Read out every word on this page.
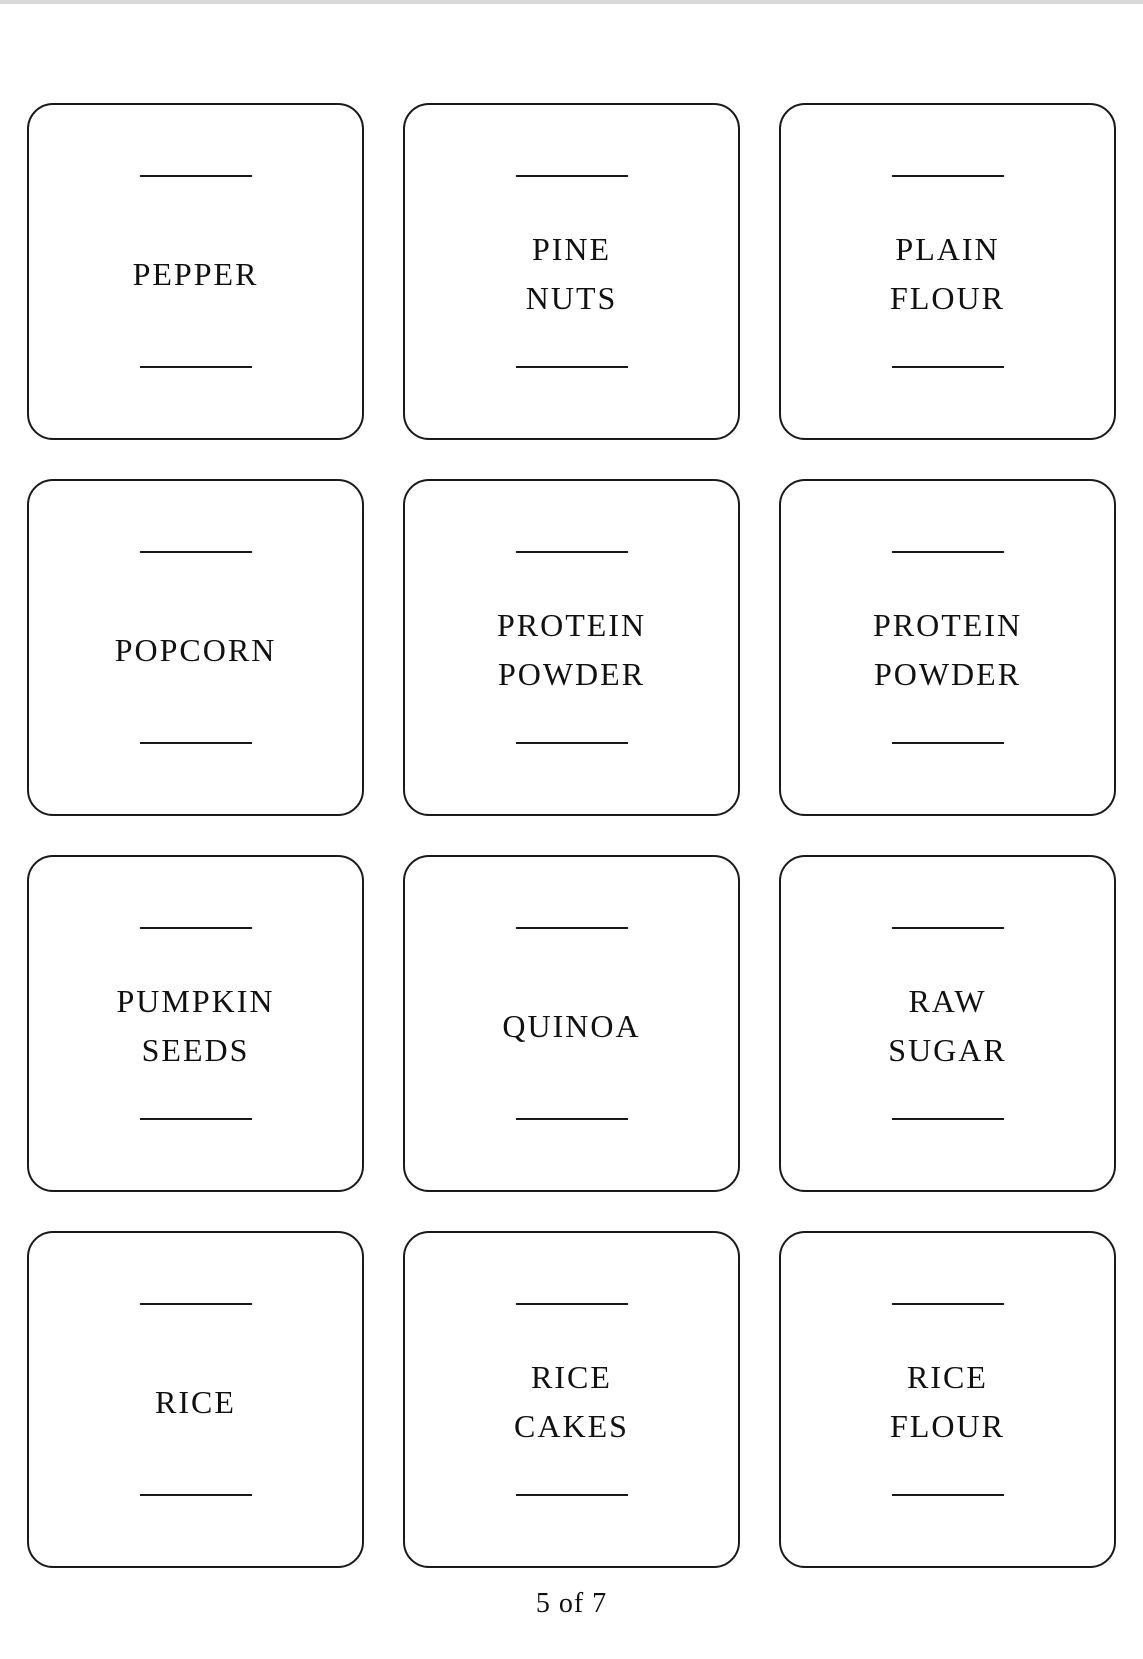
PEPPER
PINE
NUTS
PLAIN
FLOUR
POPCORN
PROTEIN
POWDER
PROTEIN
POWDER
PUMPKIN
SEEDS
QUINOA
RAW
SUGAR
RICE
RICE
CAKES
RICE
FLOUR
5 of 7
